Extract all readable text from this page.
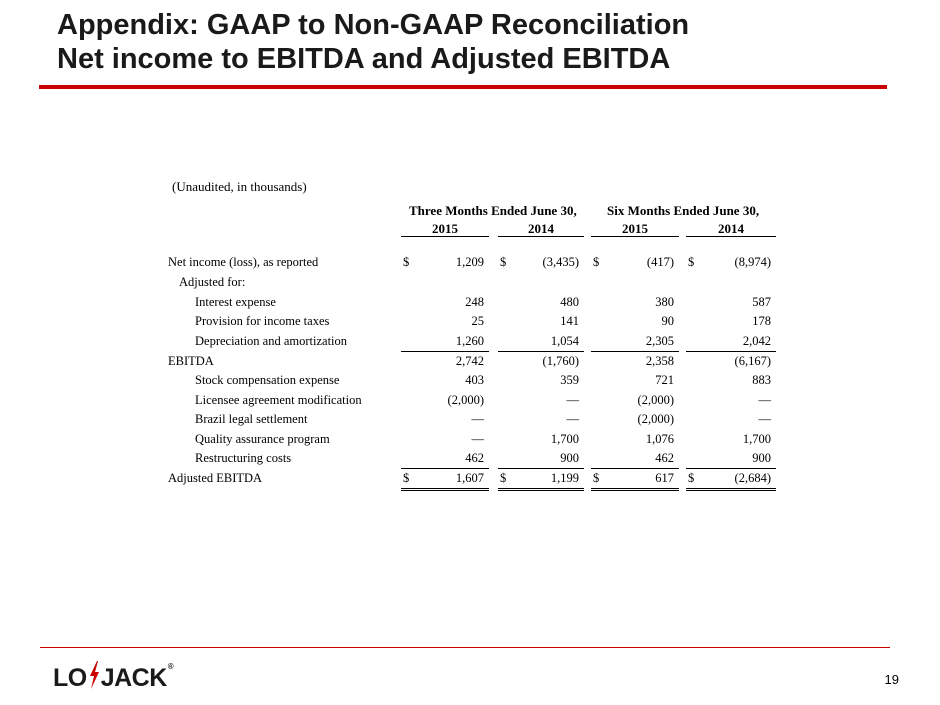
Appendix: GAAP to Non-GAAP Reconciliation
Net income to EBITDA and Adjusted EBITDA
(Unaudited, in thousands)
Three Months Ended June 30, Six Months Ended June 30,
2015	2014	2015	2014
Net income (loss), as reported	$	1,209 $	(3,435) $	(417) $	(8,974)
Adjusted for:
Interest expense	248	480	380	587
Provision for income taxes	25	141	90	178
Depreciation and amortization	1,260	1,054	2,305	2,042
EBITDA	2,742	(1,760)	2,358	(6,167)
Stock compensation expense	403	359	721	883
Licensee agreement modification	(2,000)	—	(2,000)	—
Brazil legal settlement	—	—	(2,000)	—
Quality assurance program	—	1,700	1,076	1,700
Restructuring costs	462	900	462	900
Adjusted EBITDA	$	1,607 $	1,199 $	617 $	(2,684)
LO JACK®
19
